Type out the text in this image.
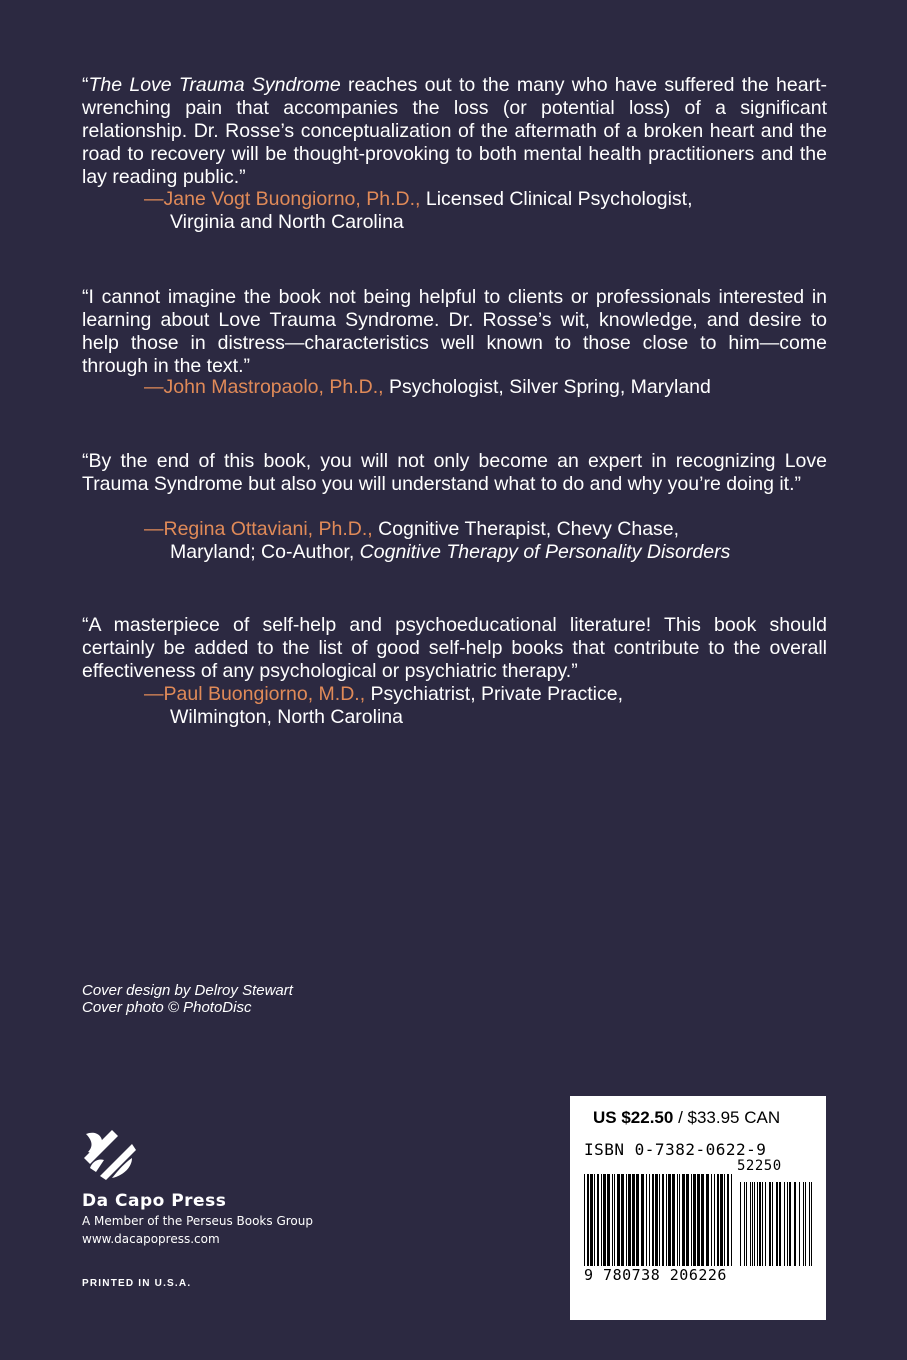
“The Love Trauma Syndrome reaches out to the many who have suffered the heart-wrenching pain that accompanies the loss (or potential loss) of a significant relationship. Dr. Rosse’s conceptualization of the aftermath of a broken heart and the road to recovery will be thought-provoking to both mental health practitioners and the lay reading public.”

—Jane Vogt Buongiorno, Ph.D., Licensed Clinical Psychologist,
Virginia and North Carolina

“I cannot imagine the book not being helpful to clients or professionals interested in learning about Love Trauma Syndrome. Dr. Rosse’s wit, knowledge, and desire to help those in distress—characteristics well known to those close to him—come through in the text.”

—John Mastropaolo, Ph.D., Psychologist, Silver Spring, Maryland

“By the end of this book, you will not only become an expert in recognizing Love Trauma Syndrome but also you will understand what to do and why you’re doing it.”

—Regina Ottaviani, Ph.D., Cognitive Therapist, Chevy Chase,
Maryland; Co-Author, Cognitive Therapy of Personality Disorders

“A masterpiece of self-help and psychoeducational literature! This book should certainly be added to the list of good self-help books that contribute to the overall effectiveness of any psychological or psychiatric therapy.”

—Paul Buongiorno, M.D., Psychiatrist, Private Practice,
Wilmington, North Carolina

Cover design by Delroy Stewart
Cover photo © PhotoDisc
Da Capo Press
A Member of the Perseus Books Group
www.dacapopress.com
PRINTED IN U.S.A.
US $22.50 / $33.95 CAN
ISBN 0-7382-0622-9
52250
9 780738 206226
